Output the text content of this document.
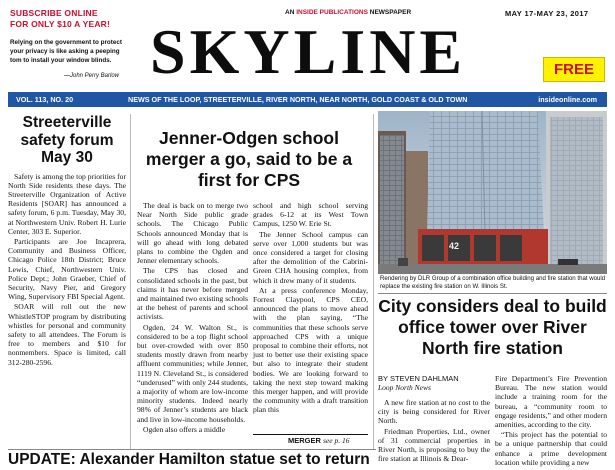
SUBSCRIBE ONLINE
FOR ONLY $10 A YEAR!
Relying on the government to protect your privacy is like asking a peeping tom to install your window blinds.
—John Perry Barlow
AN INSIDE PUBLICATIONS NEWSPAPER
SKYLINE
MAY 17-MAY 23, 2017
FREE
VOL. 113, NO. 20	NEWS OF THE LOOP, STREETERVILLE, RIVER NORTH, NEAR NORTH, GOLD COAST & OLD TOWN	insideonline.com
Streeterville safety forum May 30

Safety is among the top priorities for North Side residents these days. The Streeterville Organization of Active Residents [SOAR] has announced a safety forum, 6 p.m. Tuesday, May 30, at Northwestern Univ. Robert H. Lurie Center, 303 E. Superior.

Participants are Joe Incaprera, Community and Business Officer, Chicago Police 18th District; Bruce Lewis, Chief, Northwestern Univ. Police Dept.; John Graeber, Chief of Security, Navy Pier, and Gregory Wing, Supervisory FBI Special Agent.

SOAR will roll out the new WhistleSTOP program by distributing whistles for personal and community safety to all attendees. The Forum is free to members and $10 for nonmembers. Space is limited, call 312-280-2596.

Jenner-Odgen school merger a go, said to be a first for CPS

The deal is back on to merge two Near North Side public grade schools. The Chicago Public Schools announced Monday that is will go ahead with long debated plans to combine the Ogden and Jenner elementary schools.

The CPS has closed and consolidated schools in the past, but claims it has never before merged and maintained two existing schools at the behest of parents and school activists.

Ogden, 24 W. Walton St., is considered to be a top flight school but over-crowded with over 850 students mostly drawn from nearby affluent communities; while Jenner, 1119 N. Cleveland St., is considered “underused” with only 244 students, a majority of whom are low-income minority students. Indeed nearly 98% of Jenner’s students are black and live in low-income households.

Ogden also offers a middle

school and high school serving grades 6-12 at its West Town Campus, 1250 W. Erie St.

The Jenner School campus can serve over 1,000 students but was once considered a target for closing after the demolition of the Cabrini-Green CHA housing complex, from which it drew many of it students.

At a press conference Monday, Forrest Claypool, CPS CEO, announced the plans to move ahead with the plan saying, “The communities that these schools serve approached CPS with a unique proposal to combine their efforts, not just to better use their existing space but also to integrate their student bodies. We are looking forward to taking the next step toward making this merger happen, and will provide the community with a draft transition plan this

MERGER see p. 16
42
Rendering by DLR Group of a combination office building and fire station that would replace the existing fire station on W. Illinois St.
City considers deal to build office tower over River North fire station
BY STEVEN DAHLMAN
Loop North News

A new fire station at no cost to the city is being considered for River North.

Friedman Properties, Ltd., owner of 31 commercial properties in River North, is proposing to buy the fire station at Illinois & Dear-

Fire Department’s Fire Prevention Bureau. The new station would include a training room for the bureau, a “community room to engage residents,” and other modern amenities, according to the city.

“This project has the potential to be a unique partnership that could enhance a prime development location while providing a new

UPDATE: Alexander Hamilton statue set to return
